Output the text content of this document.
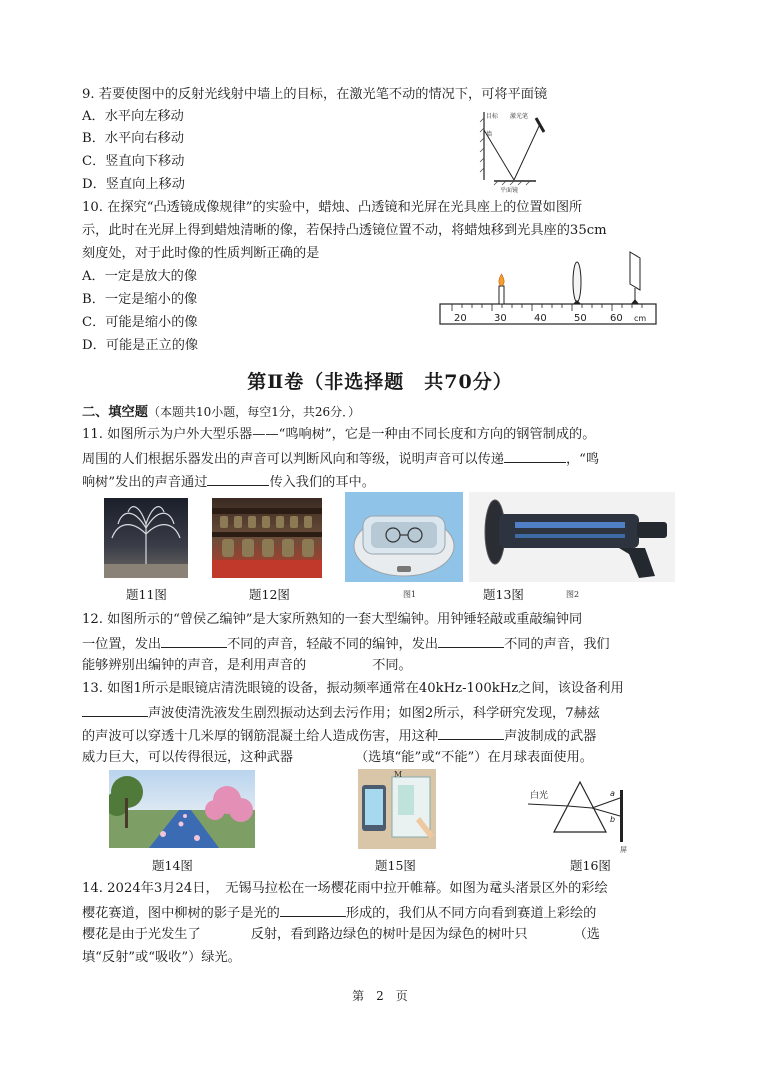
9. 若要使图中的反射光线射中墙上的目标，在激光笔不动的情况下，可将平面镜
A．水平向左移动
B．水平向右移动
C．竖直向下移动
D．竖直向上移动
目标 激光笔
平面镜
墙
10. 在探究“凸透镜成像规律”的实验中，蜡烛、凸透镜和光屏在光具座上的位置如图所
示，此时在光屏上得到蜡烛清晰的像，若保持凸透镜位置不动，将蜡烛移到光具座的35cm
刻度处，对于此时像的性质判断正确的是
A．一定是放大的像
B．一定是缩小的像
C．可能是缩小的像
D．可能是正立的像
20	30	40	50 60 cm
第Ⅱ卷（非选择题　共70分）
二、填空题（本题共10小题，每空1分，共26分．）
11. 如图所示为户外大型乐器——“鸣响树”，它是一种由不同长度和方向的钢管制成的。
周围的人们根据乐器发出的声音可以判断风向和等级，说明声音可以传递	，“鸣
响树”发出的声音通过	传入我们的耳中。
图1	图2
题11图	题12图	题13图
12. 如图所示的“曾侯乙编钟”是大家所熟知的一套大型编钟。用钟锤轻敲或重敲编钟同
一位置，发出	不同的声音，轻敲不同的编钟，发出	不同的声音，我们
能够辨别出编钟的声音，是利用声音的	不同。
13. 如图1所示是眼镜店清洗眼镜的设备，振动频率通常在40kHz-100kHz之间，该设备利用
声波使清洗液发生剧烈振动达到去污作用；如图2所示，科学研究发现，7赫兹
的声波可以穿透十几米厚的钢筋混凝土给人造成伤害，用这种	声波制成的武器
威力巨大，可以传得很远，这种武器	（选填“能”或“不能”）在月球表面使用。
M
白光	a
b
屏
题14图	题15图	题16图
14. 2024年3月24日，　无锡马拉松在一场樱花雨中拉开帷幕。如图为鼋头渚景区外的彩绘
樱花赛道，图中柳树的影子是光的	形成的，我们从不同方向看到赛道上彩绘的
樱花是由于光发生了	反射，看到路边绿色的树叶是因为绿色的树叶只	（选
填“反射”或“吸收”）绿光。
第　2　页
